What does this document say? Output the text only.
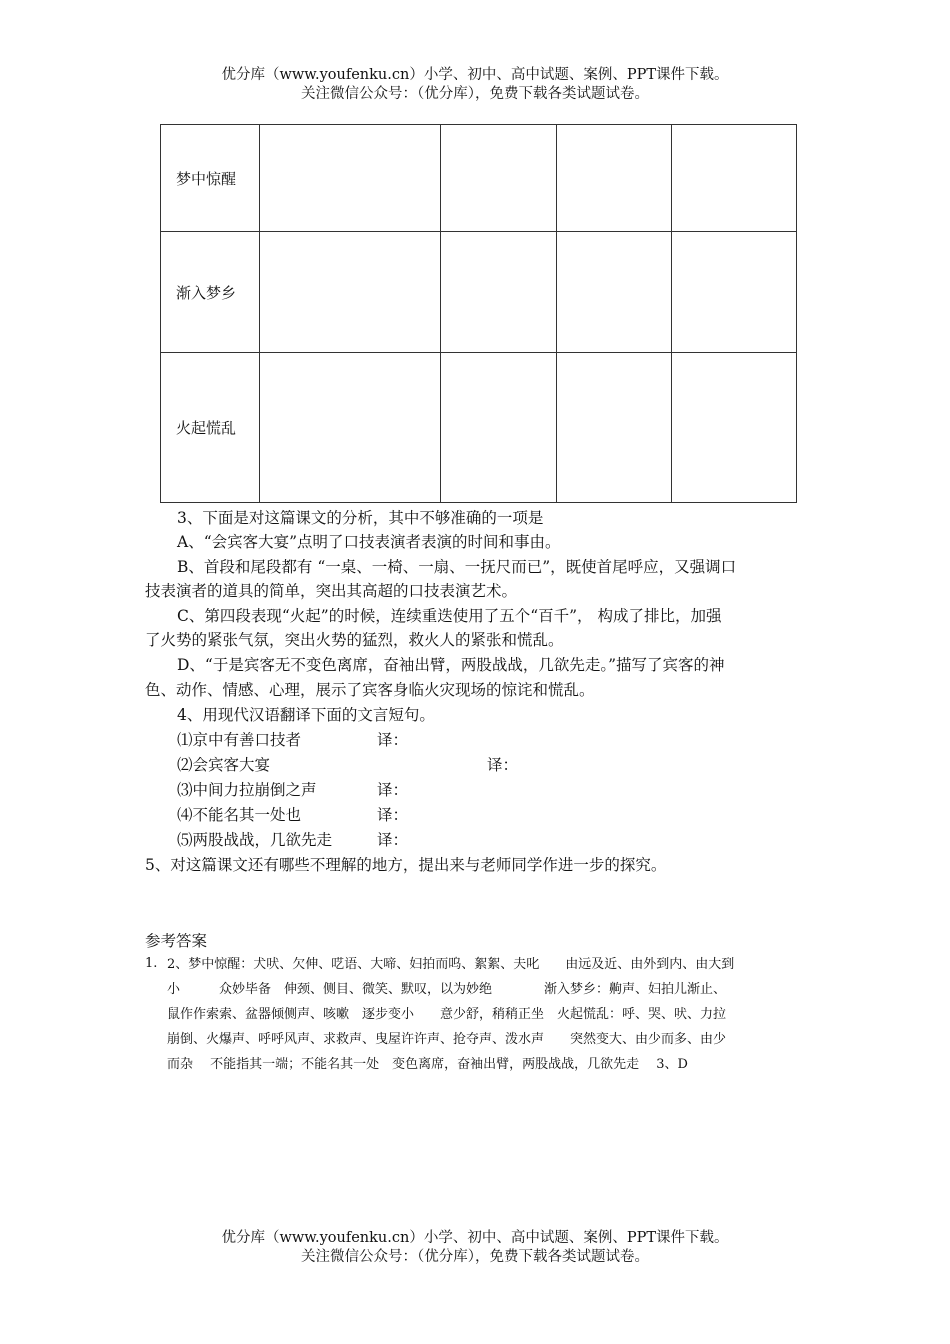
优分库（www.youfenku.cn）小学、初中、高中试题、案例、PPT课件下载。
关注微信公众号：（优分库），免费下载各类试题试卷。
梦中惊醒				
渐入梦乡				
火起慌乱				
3、下面是对这篇课文的分析，其中不够准确的一项是
A、“会宾客大宴”点明了口技表演者表演的时间和事由。
B、首段和尾段都有 “一桌、一椅、一扇、一抚尺而已”，既使首尾呼应，又强调口
技表演者的道具的简单，突出其高超的口技表演艺术。
C、第四段表现“火起”的时候，连续重迭使用了五个“百千”， 构成了排比，加强
了火势的紧张气氛，突出火势的猛烈，救火人的紧张和慌乱。
D、“于是宾客无不变色离席，奋袖出臂，两股战战，几欲先走。”描写了宾客的神
色、动作、情感、心理，展示了宾客身临火灾现场的惊诧和慌乱。
4、用现代汉语翻译下面的文言短句。
⑴京中有善口技者	译：
⑵会宾客大宴	译：
⑶中间力拉崩倒之声	译：
⑷不能名其一处也	译：
⑸两股战战，几欲先走	译：
5、对这篇课文还有哪些不理解的地方，提出来与老师同学作进一步的探究。
参考答案
1. 2、梦中惊醒：犬吠、欠伸、呓语、大啼、妇拍而呜、絮絮、夫叱　　由远及近、由外到内、由大到
小　　　众妙毕备　伸颈、侧目、微笑、默叹，以为妙绝　　　　渐入梦乡：齁声、妇拍儿渐止、
鼠作作索索、盆器倾侧声、咳嗽　逐步变小　　意少舒，稍稍正坐　火起慌乱：呼、哭、吠、力拉
崩倒、火爆声、呼呼风声、求救声、曳屋许许声、抢夺声、泼水声　　突然变大、由少而多、由少
而杂　 不能指其一端；不能名其一处　变色离席，奋袖出臂，两股战战，几欲先走　 3、D
优分库（www.youfenku.cn）小学、初中、高中试题、案例、PPT课件下载。
关注微信公众号：（优分库），免费下载各类试题试卷。
